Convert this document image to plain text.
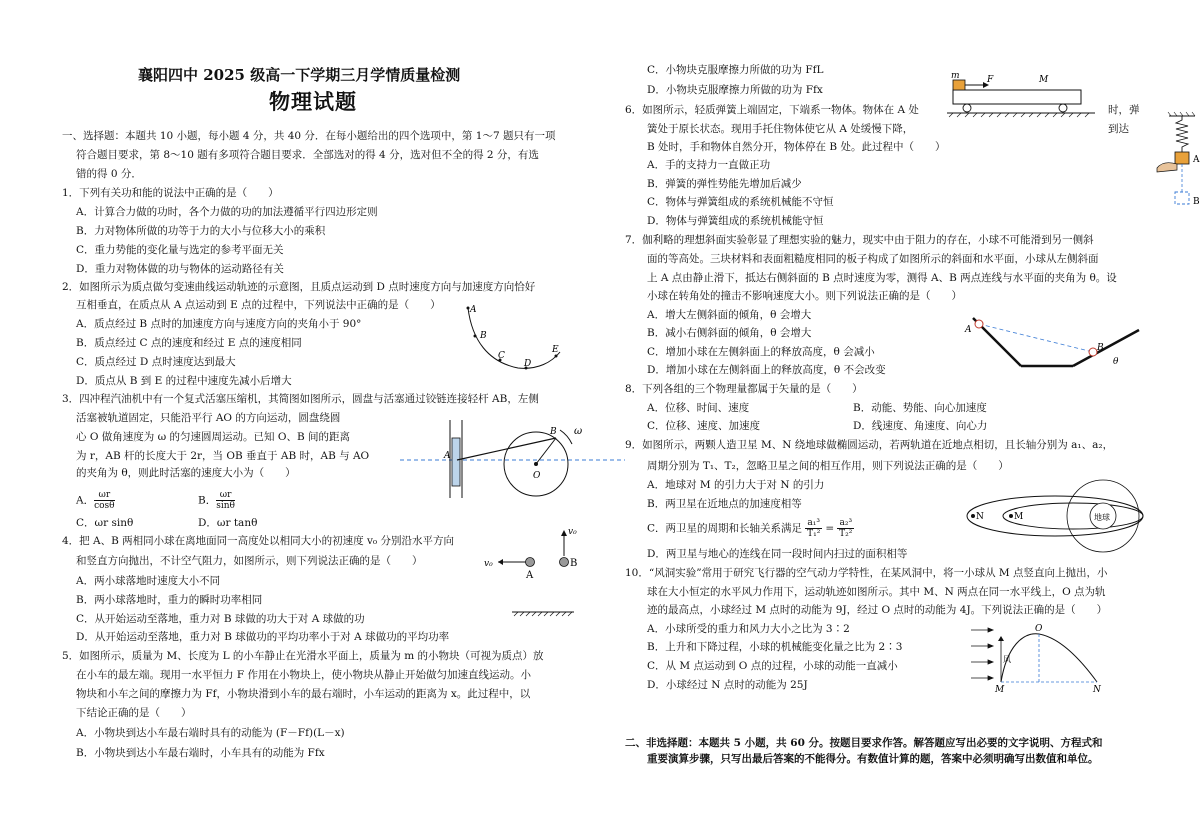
襄阳四中 2025 级高一下学期三月学情质量检测
物理试题
一、选择题：本题共 10 小题，每小题 4 分，共 40 分．在每小题给出的四个选项中，第 1～7 题只有一项
符合题目要求，第 8～10 题有多项符合题目要求．全部选对的得 4 分，选对但不全的得 2 分，有选
错的得 0 分．
1．下列有关功和能的说法中正确的是（　　）
A．计算合力做的功时，各个力做的功的加法遵循平行四边形定则
B．力对物体所做的功等于力的大小与位移大小的乘积
C．重力势能的变化量与选定的参考平面无关
D．重力对物体做的功与物体的运动路径有关
2．如图所示为质点做匀变速曲线运动轨迹的示意图，且质点运动到 D 点时速度方向与加速度方向恰好
互相垂直，在质点从 A 点运动到 E 点的过程中，下列说法中正确的是（　　）
A．质点经过 B 点时的加速度方向与速度方向的夹角小于 90°
B．质点经过 C 点的速度和经过 E 点的速度相同
C．质点经过 D 点时速度达到最大
D．质点从 B 到 E 的过程中速度先减小后增大
A
B
C
D
E
3．四冲程汽油机中有一个复式活塞压缩机，其简图如图所示，圆盘与活塞通过铰链连接轻杆 AB，左侧
活塞被轨道固定，只能沿平行 AO 的方向运动，圆盘绕圆
心 O 做角速度为 ω 的匀速圆周运动。已知 O、B 间的距离
为 r，AB 杆的长度大于 2r，当 OB 垂直于 AB 时，AB 与 AO
的夹角为 θ，则此时活塞的速度大小为（　　）
A． $\frac{\omega r}{\cos\theta}$	B． $\frac{\omega r}{\sin\theta}$
C．ωr sinθ	D．ωr tanθ
A
B
O
ω
4．把 A、B 两相同小球在离地面同一高度处以相同大小的初速度 v₀ 分别沿水平方向
和竖直方向抛出，不计空气阻力，如图所示，则下列说法正确的是（　　）
A．两小球落地时速度大小不同
B．两小球落地时，重力的瞬时功率相同
C．从开始运动至落地，重力对 B 球做的功大于对 A 球做的功
D．从开始运动至落地，重力对 B 球做功的平均功率小于对 A 球做功的平均功率
v₀
v₀
A
B
5．如图所示，质量为 M、长度为 L 的小车静止在光滑水平面上，质量为 m 的小物块（可视为质点）放
在小车的最左端。现用一水平恒力 F 作用在小物块上，使小物块从静止开始做匀加速直线运动。小
物块和小车之间的摩擦力为 Ff，小物块滑到小车的最右端时，小车运动的距离为 x。此过程中，以
下结论正确的是（　　）
A．小物块到达小车最右端时具有的动能为 (F－Ff)(L－x)
B．小物块到达小车最右端时，小车具有的动能为 Ffx
C．小物块克服摩擦力所做的功为 FfL
D．小物块克服摩擦力所做的功为 Ffx
m	F	M
6．如图所示，轻质弹簧上端固定，下端系一物体。物体在 A 处	时，弹
簧处于原长状态。现用手托住物体使它从 A 处缓慢下降，	到达
B 处时，手和物体自然分开，物体停在 B 处。此过程中（　　）
A．手的支持力一直做正功
B．弹簧的弹性势能先增加后减少
C．物体与弹簧组成的系统机械能不守恒
D．物体与弹簧组成的系统机械能守恒
A
B
7．伽利略的理想斜面实验彰显了理想实验的魅力，现实中由于阻力的存在，小球不可能滑到另一侧斜
面的等高处。三块材料和表面粗糙度相同的板子构成了如图所示的斜面和水平面，小球从左侧斜面
上 A 点由静止滑下，抵达右侧斜面的 B 点时速度为零，测得 A、B 两点连线与水平面的夹角为 θ。设
小球在转角处的撞击不影响速度大小。则下列说法正确的是（　　）
A．增大左侧斜面的倾角，θ 会增大
B．减小右侧斜面的倾角，θ 会增大
C．增加小球在左侧斜面上的释放高度，θ 会减小
D．增加小球在左侧斜面上的释放高度，θ 不会改变
A
B
θ
8．下列各组的三个物理量都属于矢量的是（　　）
A．位移、时间、速度	B．动能、势能、向心加速度
C．位移、速度、加速度	D．线速度、角速度、向心力
9．如图所示，两颗人造卫星 M、N 绕地球做椭圆运动，若两轨道在近地点相切，且长轴分别为 a₁、a₂，
周期分别为 T₁、T₂，忽略卫星之间的相互作用，则下列说法正确的是（　　）
A．地球对 M 的引力大于对 N 的引力
B．两卫星在近地点的加速度相等
C．两卫星的周期和长轴关系满足 $\frac{\text{a₁³}}{\text{T₁²}} = \frac{\text{a₂³}}{\text{T₂²}}$
D．两卫星与地心的连线在同一段时间内扫过的面积相等
N	M	地球
10．“风洞实验”常用于研究飞行器的空气动力学特性，在某风洞中，将一小球从 M 点竖直向上抛出，小
球在大小恒定的水平风力作用下，运动轨迹如图所示。其中 M、N 两点在同一水平线上，O 点为轨
迹的最高点，小球经过 M 点时的动能为 9J，经过 O 点时的动能为 4J。下列说法正确的是（　　）
A．小球所受的重力和风力大小之比为 3∶2
B．上升和下降过程，小球的机械能变化量之比为 2∶3
C．从 M 点运动到 O 点的过程，小球的动能一直减小
D．小球经过 N 点时的动能为 25J
O
M	N
风
二、非选择题：本题共 5 小题，共 60 分。按题目要求作答。解答题应写出必要的文字说明、方程式和
重要演算步骤，只写出最后答案的不能得分。有数值计算的题，答案中必须明确写出数值和单位。
